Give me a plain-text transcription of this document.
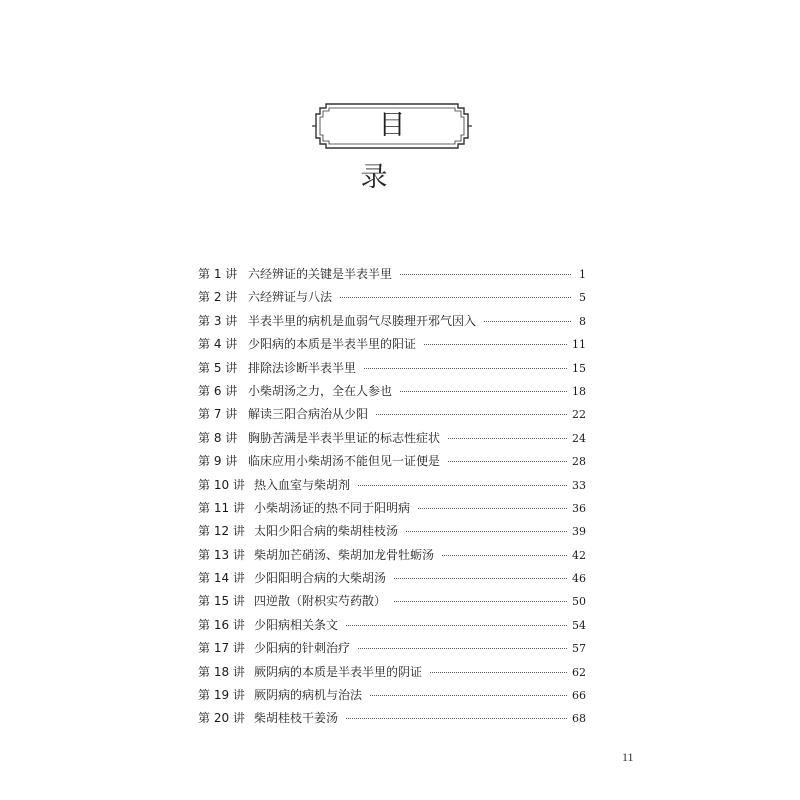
目录
第 1 讲 六经辨证的关键是半表半里	1
第 2 讲 六经辨证与八法	5
第 3 讲 半表半里的病机是血弱气尽腠理开邪气因入	8
第 4 讲 少阳病的本质是半表半里的阳证	11
第 5 讲 排除法诊断半表半里	15
第 6 讲 小柴胡汤之力，全在人参也	18
第 7 讲 解读三阳合病治从少阳	22
第 8 讲 胸胁苦满是半表半里证的标志性症状	24
第 9 讲 临床应用小柴胡汤不能但见一证便是	28
第 10 讲 热入血室与柴胡剂	33
第 11 讲 小柴胡汤证的热不同于阳明病	36
第 12 讲 太阳少阳合病的柴胡桂枝汤	39
第 13 讲 柴胡加芒硝汤、柴胡加龙骨牡蛎汤	42
第 14 讲 少阳阳明合病的大柴胡汤	46
第 15 讲 四逆散（附枳实芍药散）	50
第 16 讲 少阳病相关条文	54
第 17 讲 少阳病的针刺治疗	57
第 18 讲 厥阴病的本质是半表半里的阴证	62
第 19 讲 厥阴病的病机与治法	66
第 20 讲 柴胡桂枝干姜汤	68
11
